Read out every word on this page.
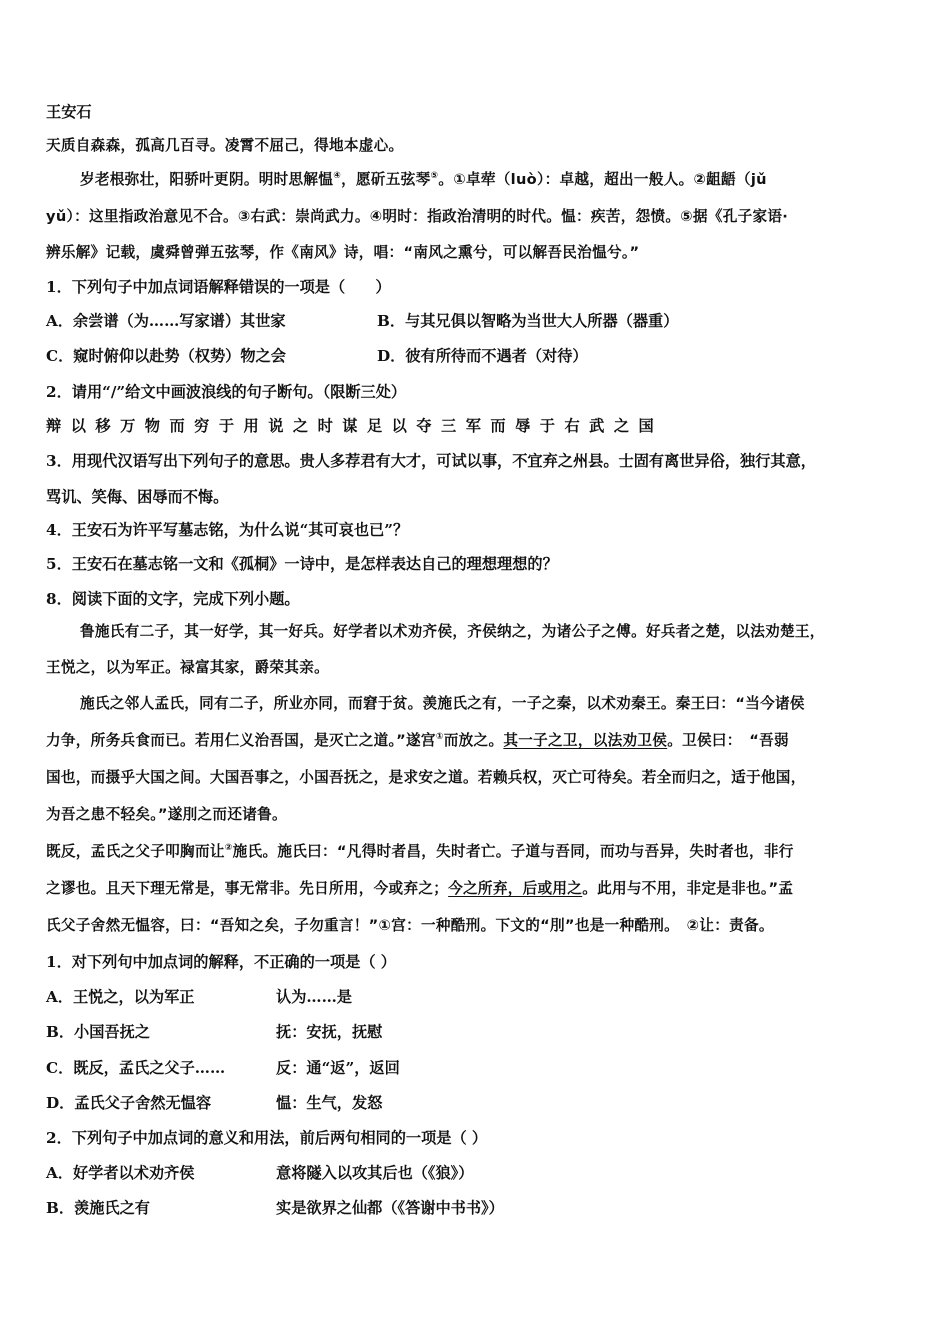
王安石
天质自森森，孤高几百寻。凌霄不屈己，得地本虚心。
岁老根弥壮，阳骄叶更阴。明时思解愠④，愿斫五弦琴⑤。①卓荦（luò）：卓越，超出一般人。②龃龉（jǔ
yǔ）：这里指政治意见不合。③右武：崇尚武力。④明时：指政治清明的时代。愠：疾苦，怨愤。⑤据《孔子家语·
辨乐解》记载，虞舜曾弹五弦琴，作《南风》诗，唱：“南风之熏兮，可以解吾民治愠兮。”
1．下列句子中加点词语解释错误的一项是（　　）
A．余尝谱（为……写家谱）其世家	B．与其兄俱以智略为当世大人所器（器重）
C．窥时俯仰以赴势（权势）物之会	D．彼有所待而不遇者（对待）
2．请用“/”给文中画波浪线的句子断句。（限断三处）
辩以移万物而穷于用说之时谋足以夺三军而辱于右武之国
3．用现代汉语写出下列句子的意思。贵人多荐君有大才，可试以事，不宜弃之州县。士固有离世异俗，独行其意，
骂讥、笑侮、困辱而不悔。
4．王安石为许平写墓志铭，为什么说“其可哀也已”？
5．王安石在墓志铭一文和《孤桐》一诗中，是怎样表达自己的理想理想的？
8．阅读下面的文字，完成下列小题。
鲁施氏有二子，其一好学，其一好兵。好学者以术劝齐侯，齐侯纳之，为诸公子之傅。好兵者之楚，以法劝楚王，
王悦之，以为军正。禄富其家，爵荣其亲。
施氏之邻人孟氏，同有二子，所业亦同，而窘于贫。羡施氏之有，一子之秦，以术劝秦王。秦王曰：“当今诸侯
力争，所务兵食而已。若用仁义治吾国，是灭亡之道。”遂宫①而放之。其一子之卫，以法劝卫侯。卫侯曰：　“吾弱
国也，而摄乎大国之间。大国吾事之，小国吾抚之，是求安之道。若赖兵权，灭亡可待矣。若全而归之，适于他国，
为吾之患不轻矣。”遂刖之而还诸鲁。
既反，孟氏之父子叩胸而让②施氏。施氏曰：“凡得时者昌，失时者亡。子道与吾同，而功与吾异，失时者也，非行
之谬也。且天下理无常是，事无常非。先日所用，今或弃之；今之所弃，后或用之。此用与不用，非定是非也。”孟
氏父子舍然无愠容，曰：“吾知之矣，子勿重言！”①宫：一种酷刑。下文的“刖”也是一种酷刑。　②让：责备。
1．对下列句中加点词的解释，不正确的一项是（ ）
A．王悦之，以为军正	认为……是
B．小国吾抚之	抚：安抚，抚慰
C．既反，孟氏之父子……	反：通“返”，返回
D．孟氏父子舍然无愠容	愠：生气，发怒
2．下列句子中加点词的意义和用法，前后两句相同的一项是（ ）
A．好学者以术劝齐侯	意将隧入以攻其后也（《狼》）
B．羡施氏之有	实是欲界之仙都（《答谢中书书》）
